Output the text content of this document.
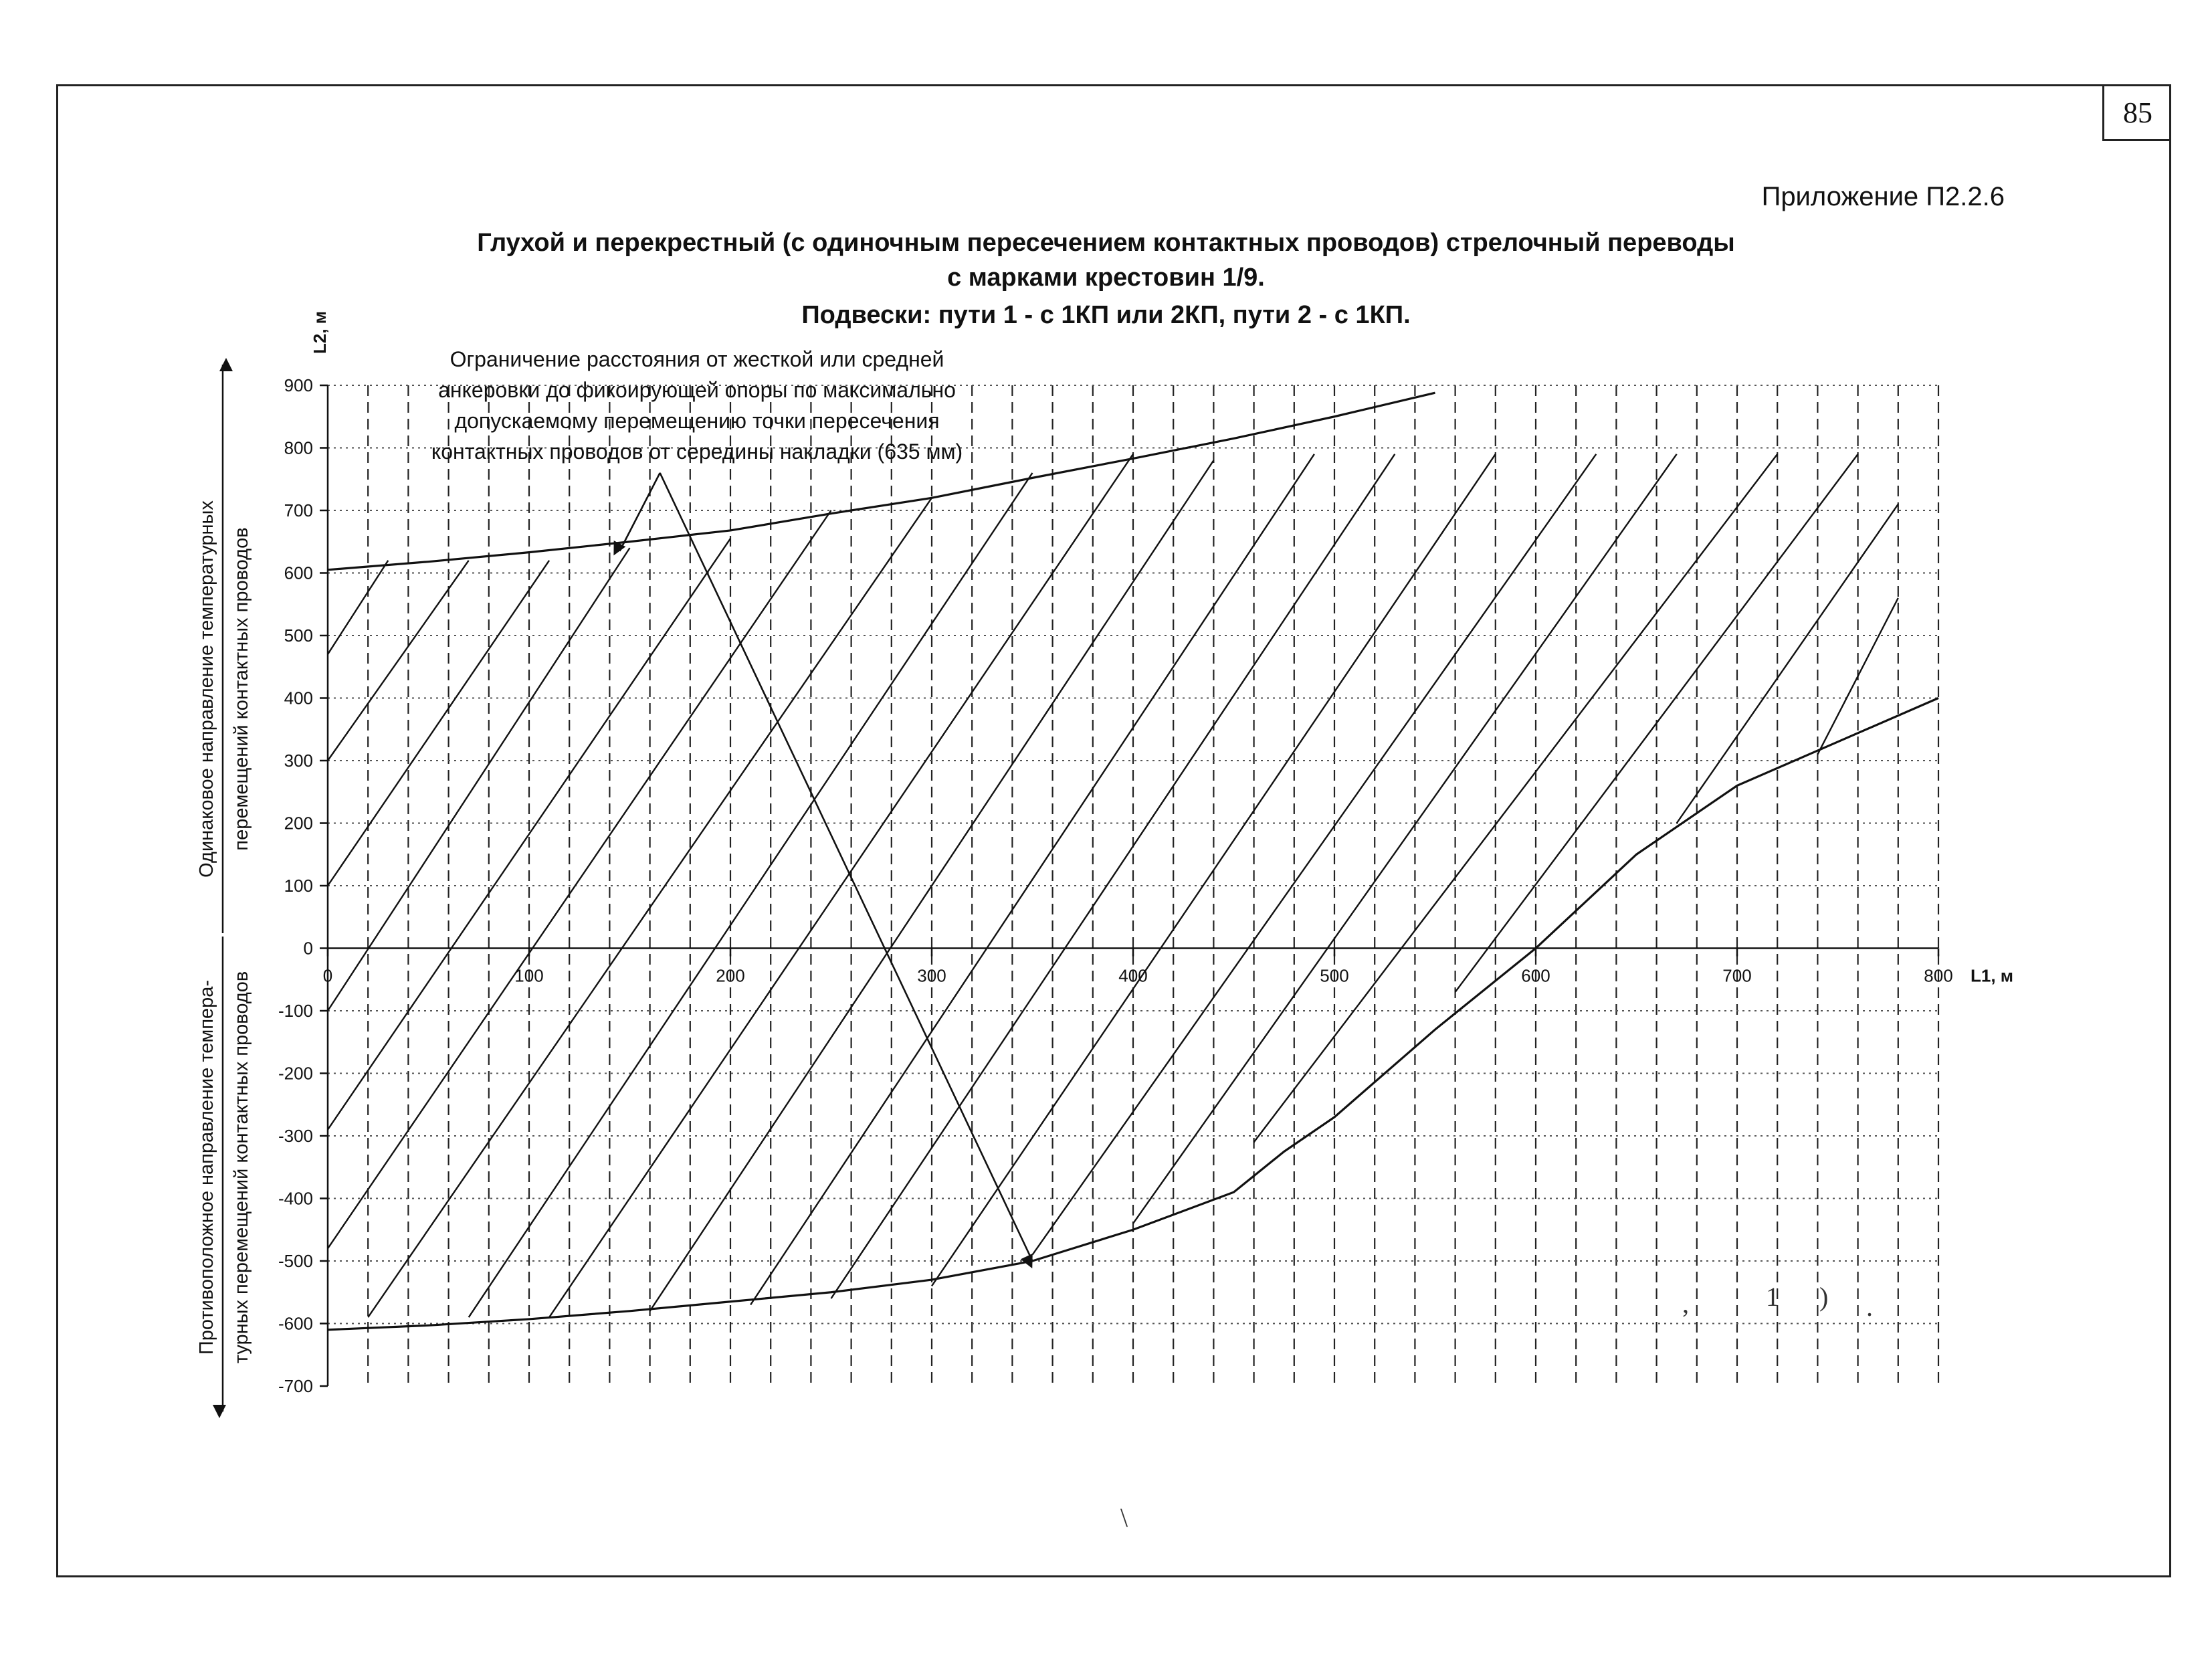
85
Приложение П2.2.6
Глухой и перекрестный (с одиночным пересечением контактных проводов) стрелочный переводы
с марками крестовин 1/9.
Подвески: пути 1 - с 1КП или 2КП, пути 2 - с 1КП.
900
800
700
600
500
400
300
200
100
0
-100
-200
-300
-400
-500
-600
-700
0	100	200	300	400	500	600	700	800 L1, м
L2, м
Ограничение расстояния от жесткой или средней
анкеровки до фикоирующей опоры по максимально
допускаемому перемещению точки пересечения
контактных проводов от середины накладки (635 мм)
Одинаковое направление температурных перемещений контактных проводов
Противоположное направление темпера- турных перемещений контактных проводов	,	1 ) .
\
